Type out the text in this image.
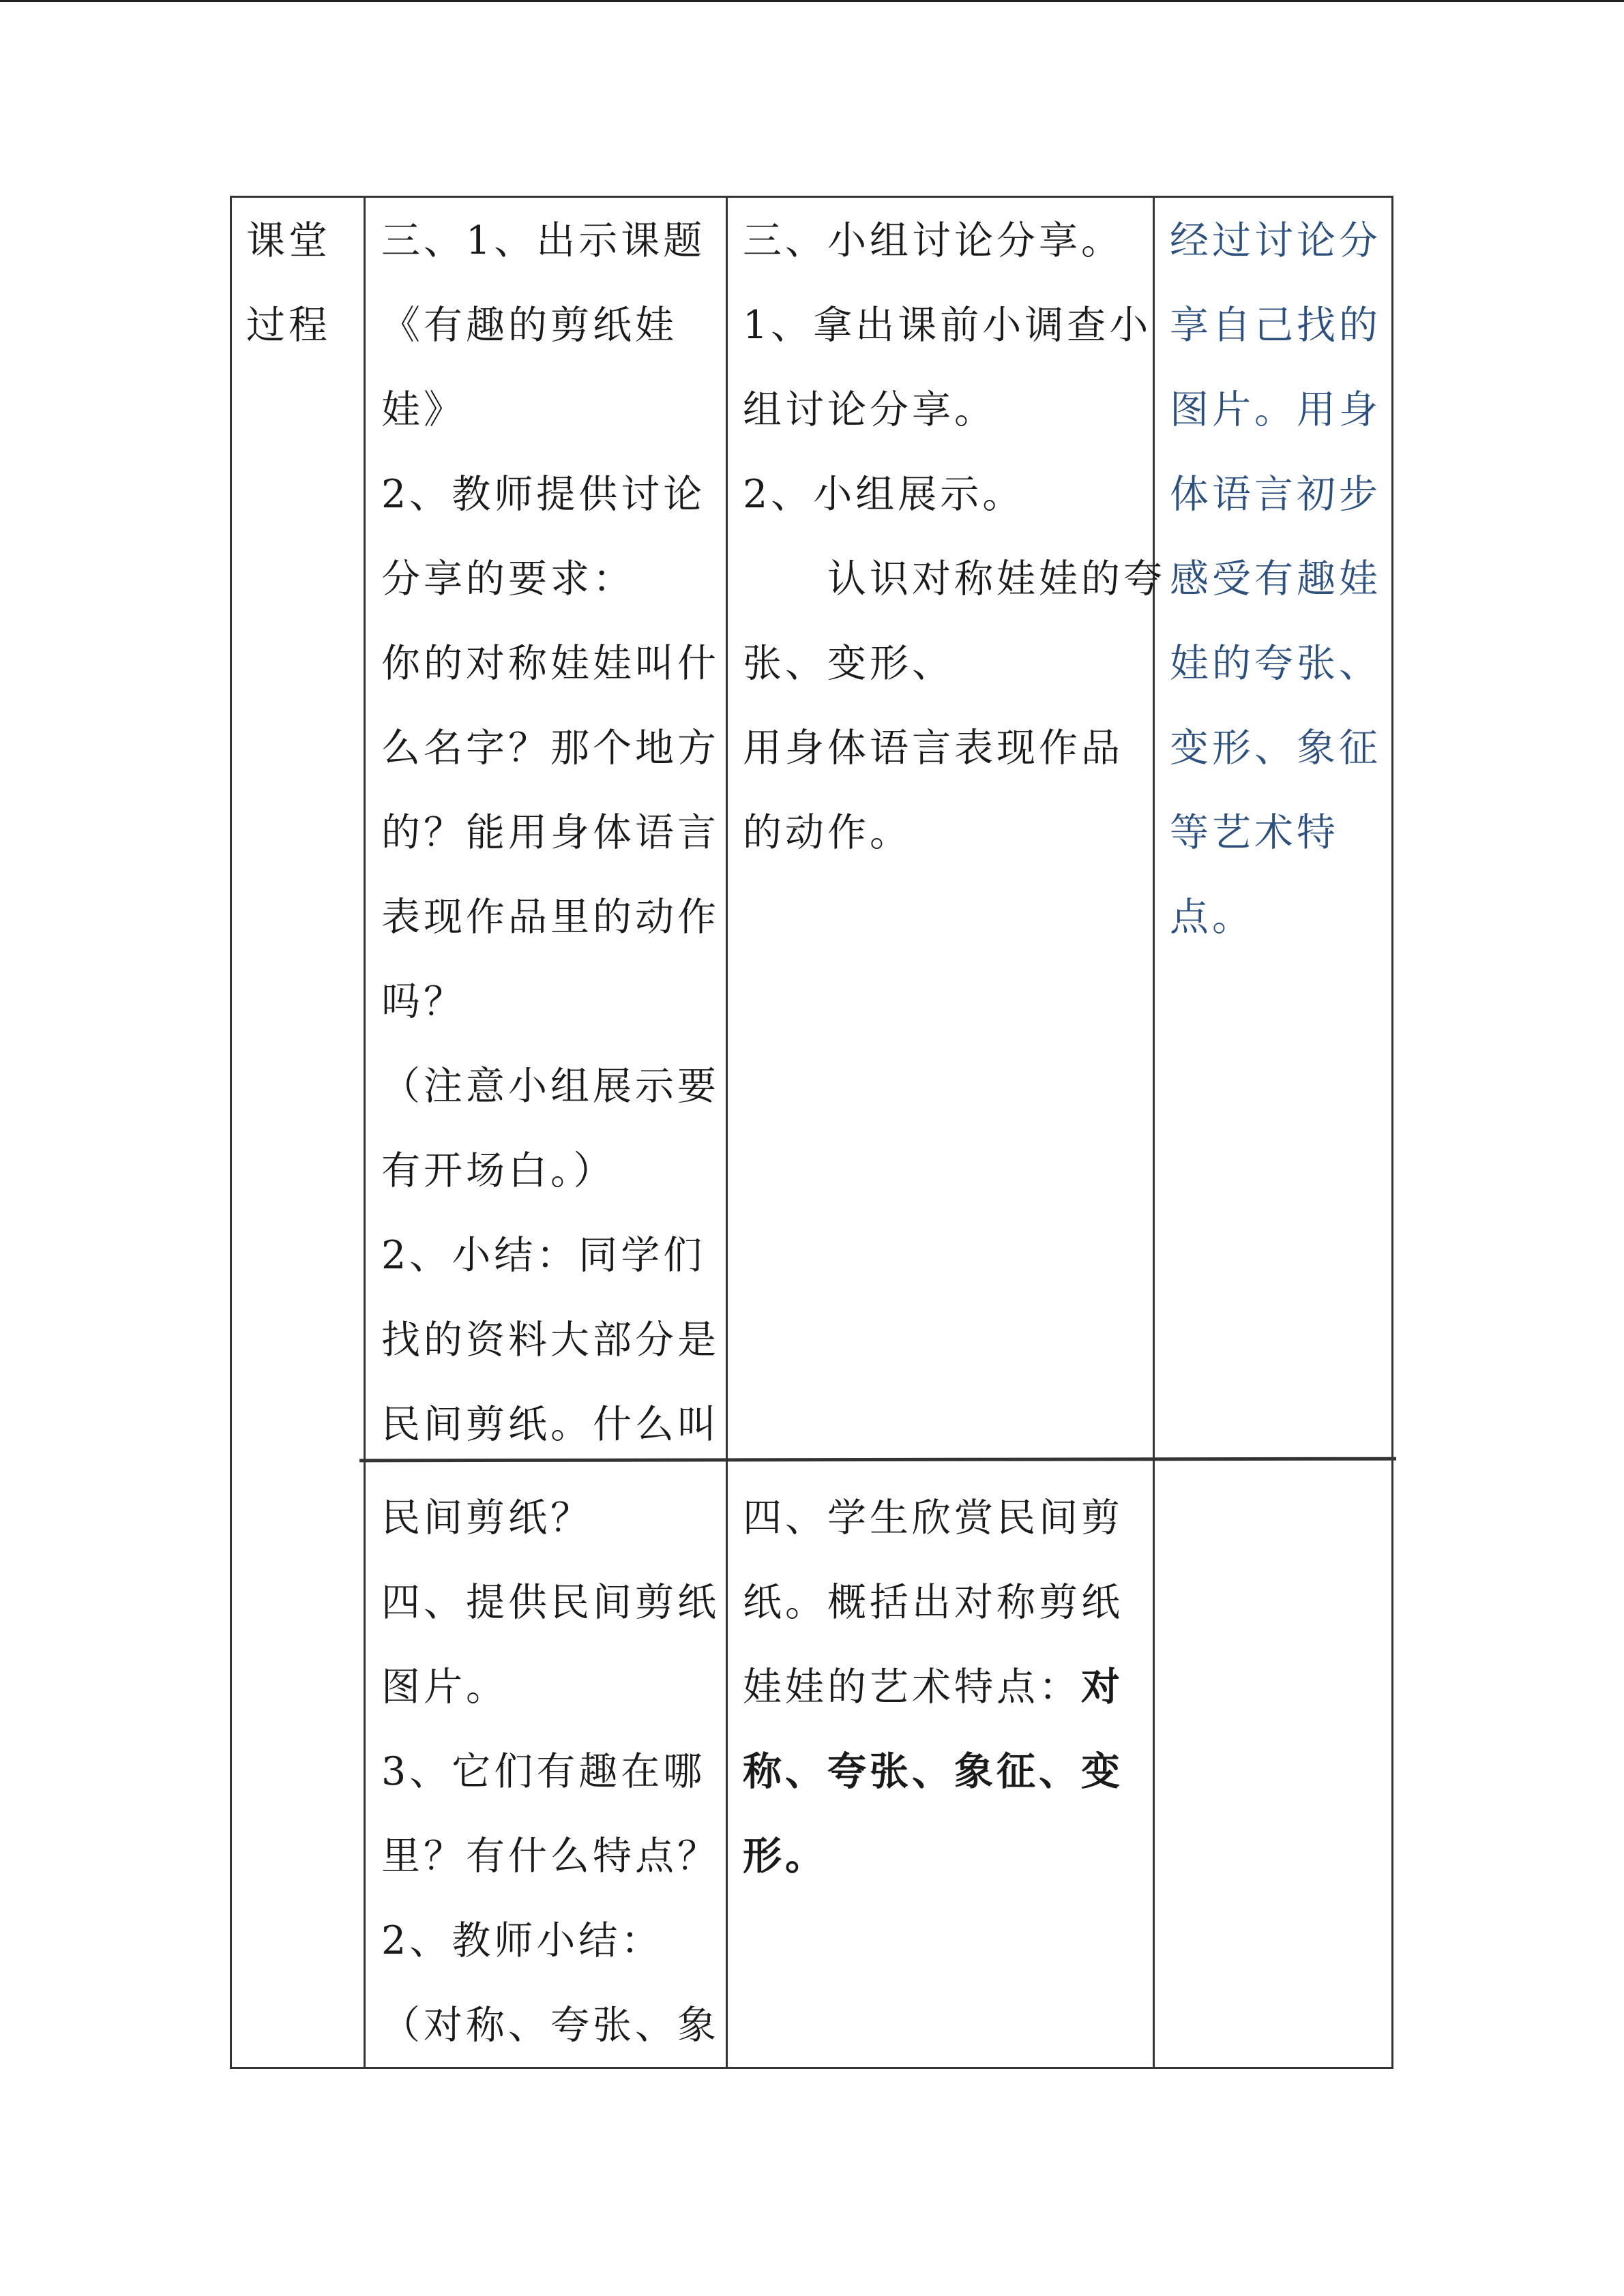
课堂
过程
三、1、出示课题
《有趣的剪纸娃
娃》
2、教师提供讨论
分享的要求：
你的对称娃娃叫什
么名字？那个地方
的？能用身体语言
表现作品里的动作
吗？
（注意小组展示要
有开场白。）
2、小结：同学们
找的资料大部分是
民间剪纸。什么叫
三、小组讨论分享。
1、拿出课前小调查小
组讨论分享。
2、小组展示。
　　认识对称娃娃的夸
张、变形、
用身体语言表现作品
的动作。
经过讨论分
享自己找的
图片。用身
体语言初步
感受有趣娃
娃的夸张、
变形、象征
等艺术特
点。
民间剪纸？
四、提供民间剪纸
图片。
3、它们有趣在哪
里？有什么特点？
2、教师小结：
（对称、夸张、象
四、学生欣赏民间剪
纸。概括出对称剪纸
娃娃的艺术特点：对
称、夸张、象征、变
形。
